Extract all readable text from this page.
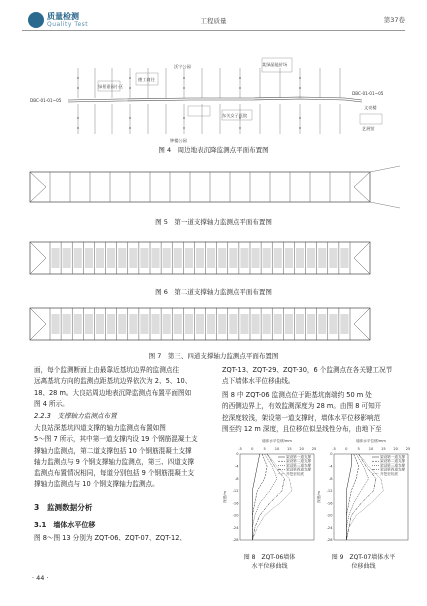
质量检测
Quality Test	工程质量	第37卷
DBC-01-01~05
DBC-01-01~05
绿景嘉园小区
沃宁公园
德工商住
东关女子医院
某绿晶能价场
钟楼公园
文亮楼
艺展馆
图 4　周边地表沉降监测点平面布置图
图 5　第一道支撑轴力监测点平面布置图
图 6　第二道支撑轴力监测点平面布置图
图 7　第三、四道支撑轴力监测点平面布置图
面，每个监测断面上由最靠近基坑边界的监测点往
远离基坑方向的监测点距基坑边界依次为 2、5、10、
18、28 m。大良站周边地表沉降监测点布置平面图如
图 4 所示。
2.2.3　支撑轴力监测点布置
大良站深基坑四道支撑的轴力监测点布置如图
5～图 7 所示，其中第一道支撑内设 19 个钢筋混凝土支
撑轴力监测点，第二道支撑包括 10 个钢筋混凝土支撑
轴力监测点与 9 个钢支撑轴力监测点，第三、四道支撑
监测点布置情况相同，每道分别包括 9 个钢筋混凝土支
撑轴力监测点与 10 个钢支撑轴力监测点。
3　监测数据分析
3.1　墙体水平位移
图 8～图 13 分别为 ZQT-06、ZQT-07、ZQT-12、
· 44 ·
ZQT-13、ZQT-29、ZQT-30，6 个监测点在各关键工况节
点下墙体水平位移曲线。
图 8 中 ZQT-06 监测点位于距基坑南端约 50 m 处
的西侧边界上，有效监测深度为 28 m。由图 8 可知开
挖深度较浅，架设第一道支撑时，墙体水平位移影响范
围至约 12 m 深度，且位移位似呈线性分布，由地下至
墙体水平位移/mm
深度/m
-5	0	5 10 15 20 25
0
-4
-8
-12
-16
-20
-24
-28
架设第一道支撑
架设第二道支撑
架设第三道支撑
架设第四道支撑
开挖至坑底
墙体水平位移/mm
深度/m
-5	0	5 10 15 20 25
0
-4
-8
-12
-16
-20
-24
-28
架设第一道支撑
架设第二道支撑
架设第三道支撑
架设第四道支撑
开挖至坑底
图 8　ZQT-06墙体
水平位移曲线
图 9　ZQT-07墙体水平
位移曲线
